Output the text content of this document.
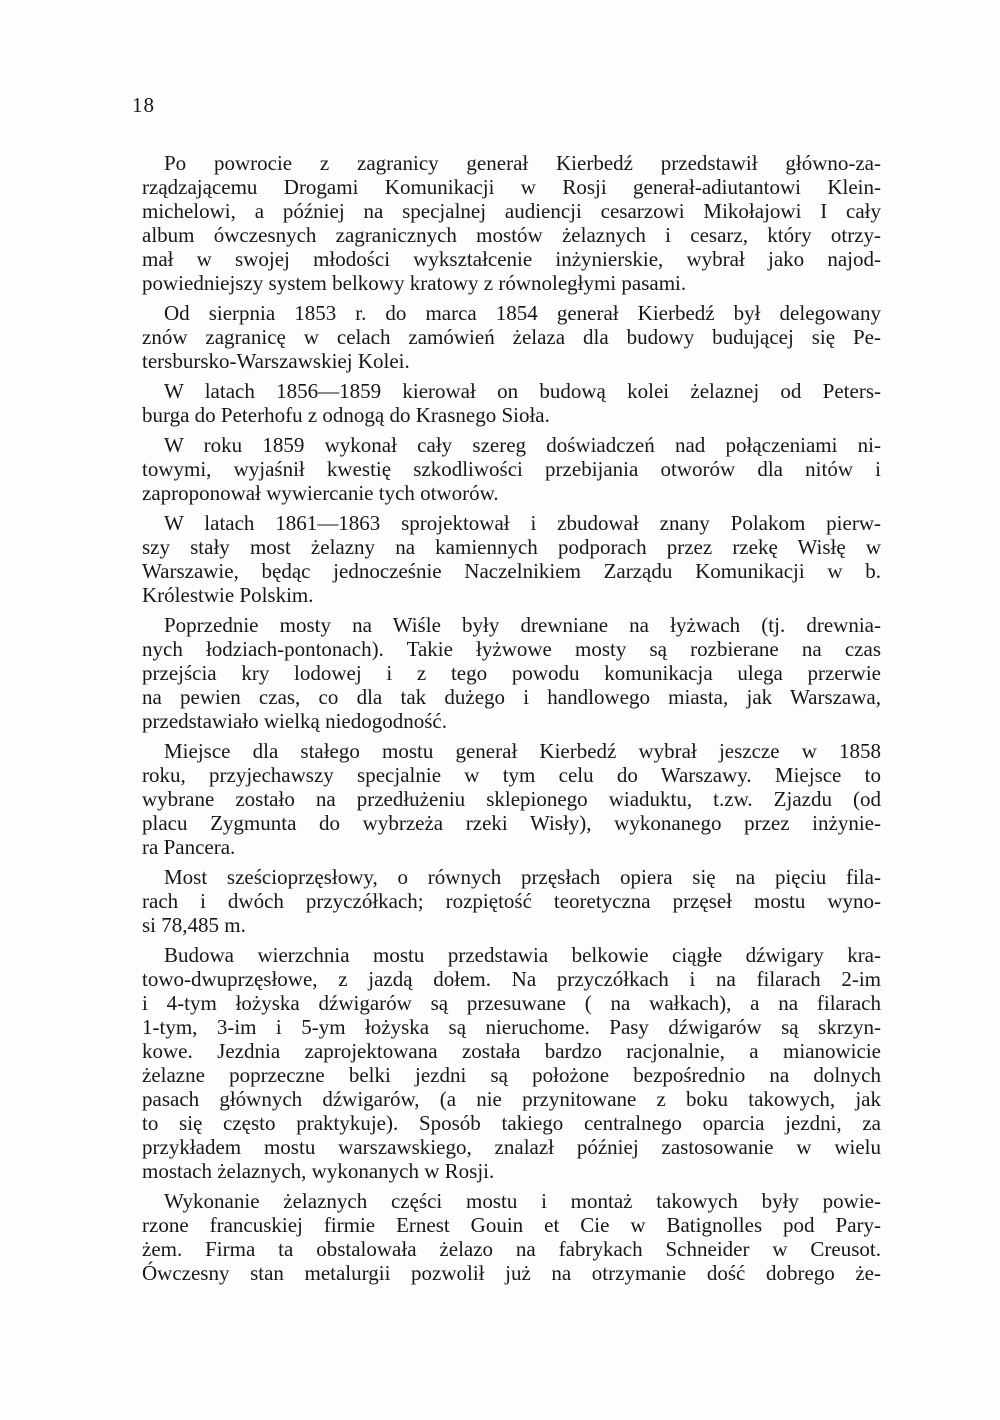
18

Po powrocie z zagranicy generał Kierbedź przedstawił główno-za-
rządzającemu Drogami Komunikacji w Rosji generał-adiutantowi Klein-
michelowi, a później na specjalnej audiencji cesarzowi Mikołajowi I cały
album ówczesnych zagranicznych mostów żelaznych i cesarz, który otrzy-
mał w swojej młodości wykształcenie inżynierskie, wybrał jako najod-
powiedniejszy system belkowy kratowy z równoległymi pasami.

Od sierpnia 1853 r. do marca 1854 generał Kierbedź był delegowany
znów zagranicę w celach zamówień żelaza dla budowy budującej się Pe-
tersbursko-Warszawskiej Kolei.

W latach 1856—1859 kierował on budową kolei żelaznej od Peters-
burga do Peterhofu z odnogą do Krasnego Sioła.

W roku 1859 wykonał cały szereg doświadczeń nad połączeniami ni-
towymi, wyjaśnił kwestię szkodliwości przebijania otworów dla nitów i
zaproponował wywiercanie tych otworów.

W latach 1861—1863 sprojektował i zbudował znany Polakom pierw-
szy stały most żelazny na kamiennych podporach przez rzekę Wisłę w
Warszawie, będąc jednocześnie Naczelnikiem Zarządu Komunikacji w b.
Królestwie Polskim.

Poprzednie mosty na Wiśle były drewniane na łyżwach (tj. drewnia-
nych łodziach-pontonach). Takie łyżwowe mosty są rozbierane na czas
przejścia kry lodowej i z tego powodu komunikacja ulega przerwie
na pewien czas, co dla tak dużego i handlowego miasta, jak Warszawa,
przedstawiało wielką niedogodność.

Miejsce dla stałego mostu generał Kierbedź wybrał jeszcze w 1858
roku, przyjechawszy specjalnie w tym celu do Warszawy. Miejsce to
wybrane zostało na przedłużeniu sklepionego wiaduktu, t.zw. Zjazdu (od
placu Zygmunta do wybrzeża rzeki Wisły), wykonanego przez inżynie-
ra Pancera.

Most sześcioprzęsłowy, o równych przęsłach opiera się na pięciu fila-
rach i dwóch przyczółkach; rozpiętość teoretyczna przęseł mostu wyno-
si 78,485 m.

Budowa wierzchnia mostu przedstawia belkowie ciągłe dźwigary kra-
towo-dwuprzęsłowe, z jazdą dołem. Na przyczółkach i na filarach 2-im
i 4-tym łożyska dźwigarów są przesuwane ( na wałkach), a na filarach
1-tym, 3-im i 5-ym łożyska są nieruchome. Pasy dźwigarów są skrzyn-
kowe. Jezdnia zaprojektowana została bardzo racjonalnie, a mianowicie
żelazne poprzeczne belki jezdni są położone bezpośrednio na dolnych
pasach głównych dźwigarów, (a nie przynitowane z boku takowych, jak
to się często praktykuje). Sposób takiego centralnego oparcia jezdni, za
przykładem mostu warszawskiego, znalazł później zastosowanie w wielu
mostach żelaznych, wykonanych w Rosji.

Wykonanie żelaznych części mostu i montaż takowych były powie-
rzone francuskiej firmie Ernest Gouin et Cie w Batignolles pod Pary-
żem. Firma ta obstalowała żelazo na fabrykach Schneider w Creusot.
Ówczesny stan metalurgii pozwolił już na otrzymanie dość dobrego że-
